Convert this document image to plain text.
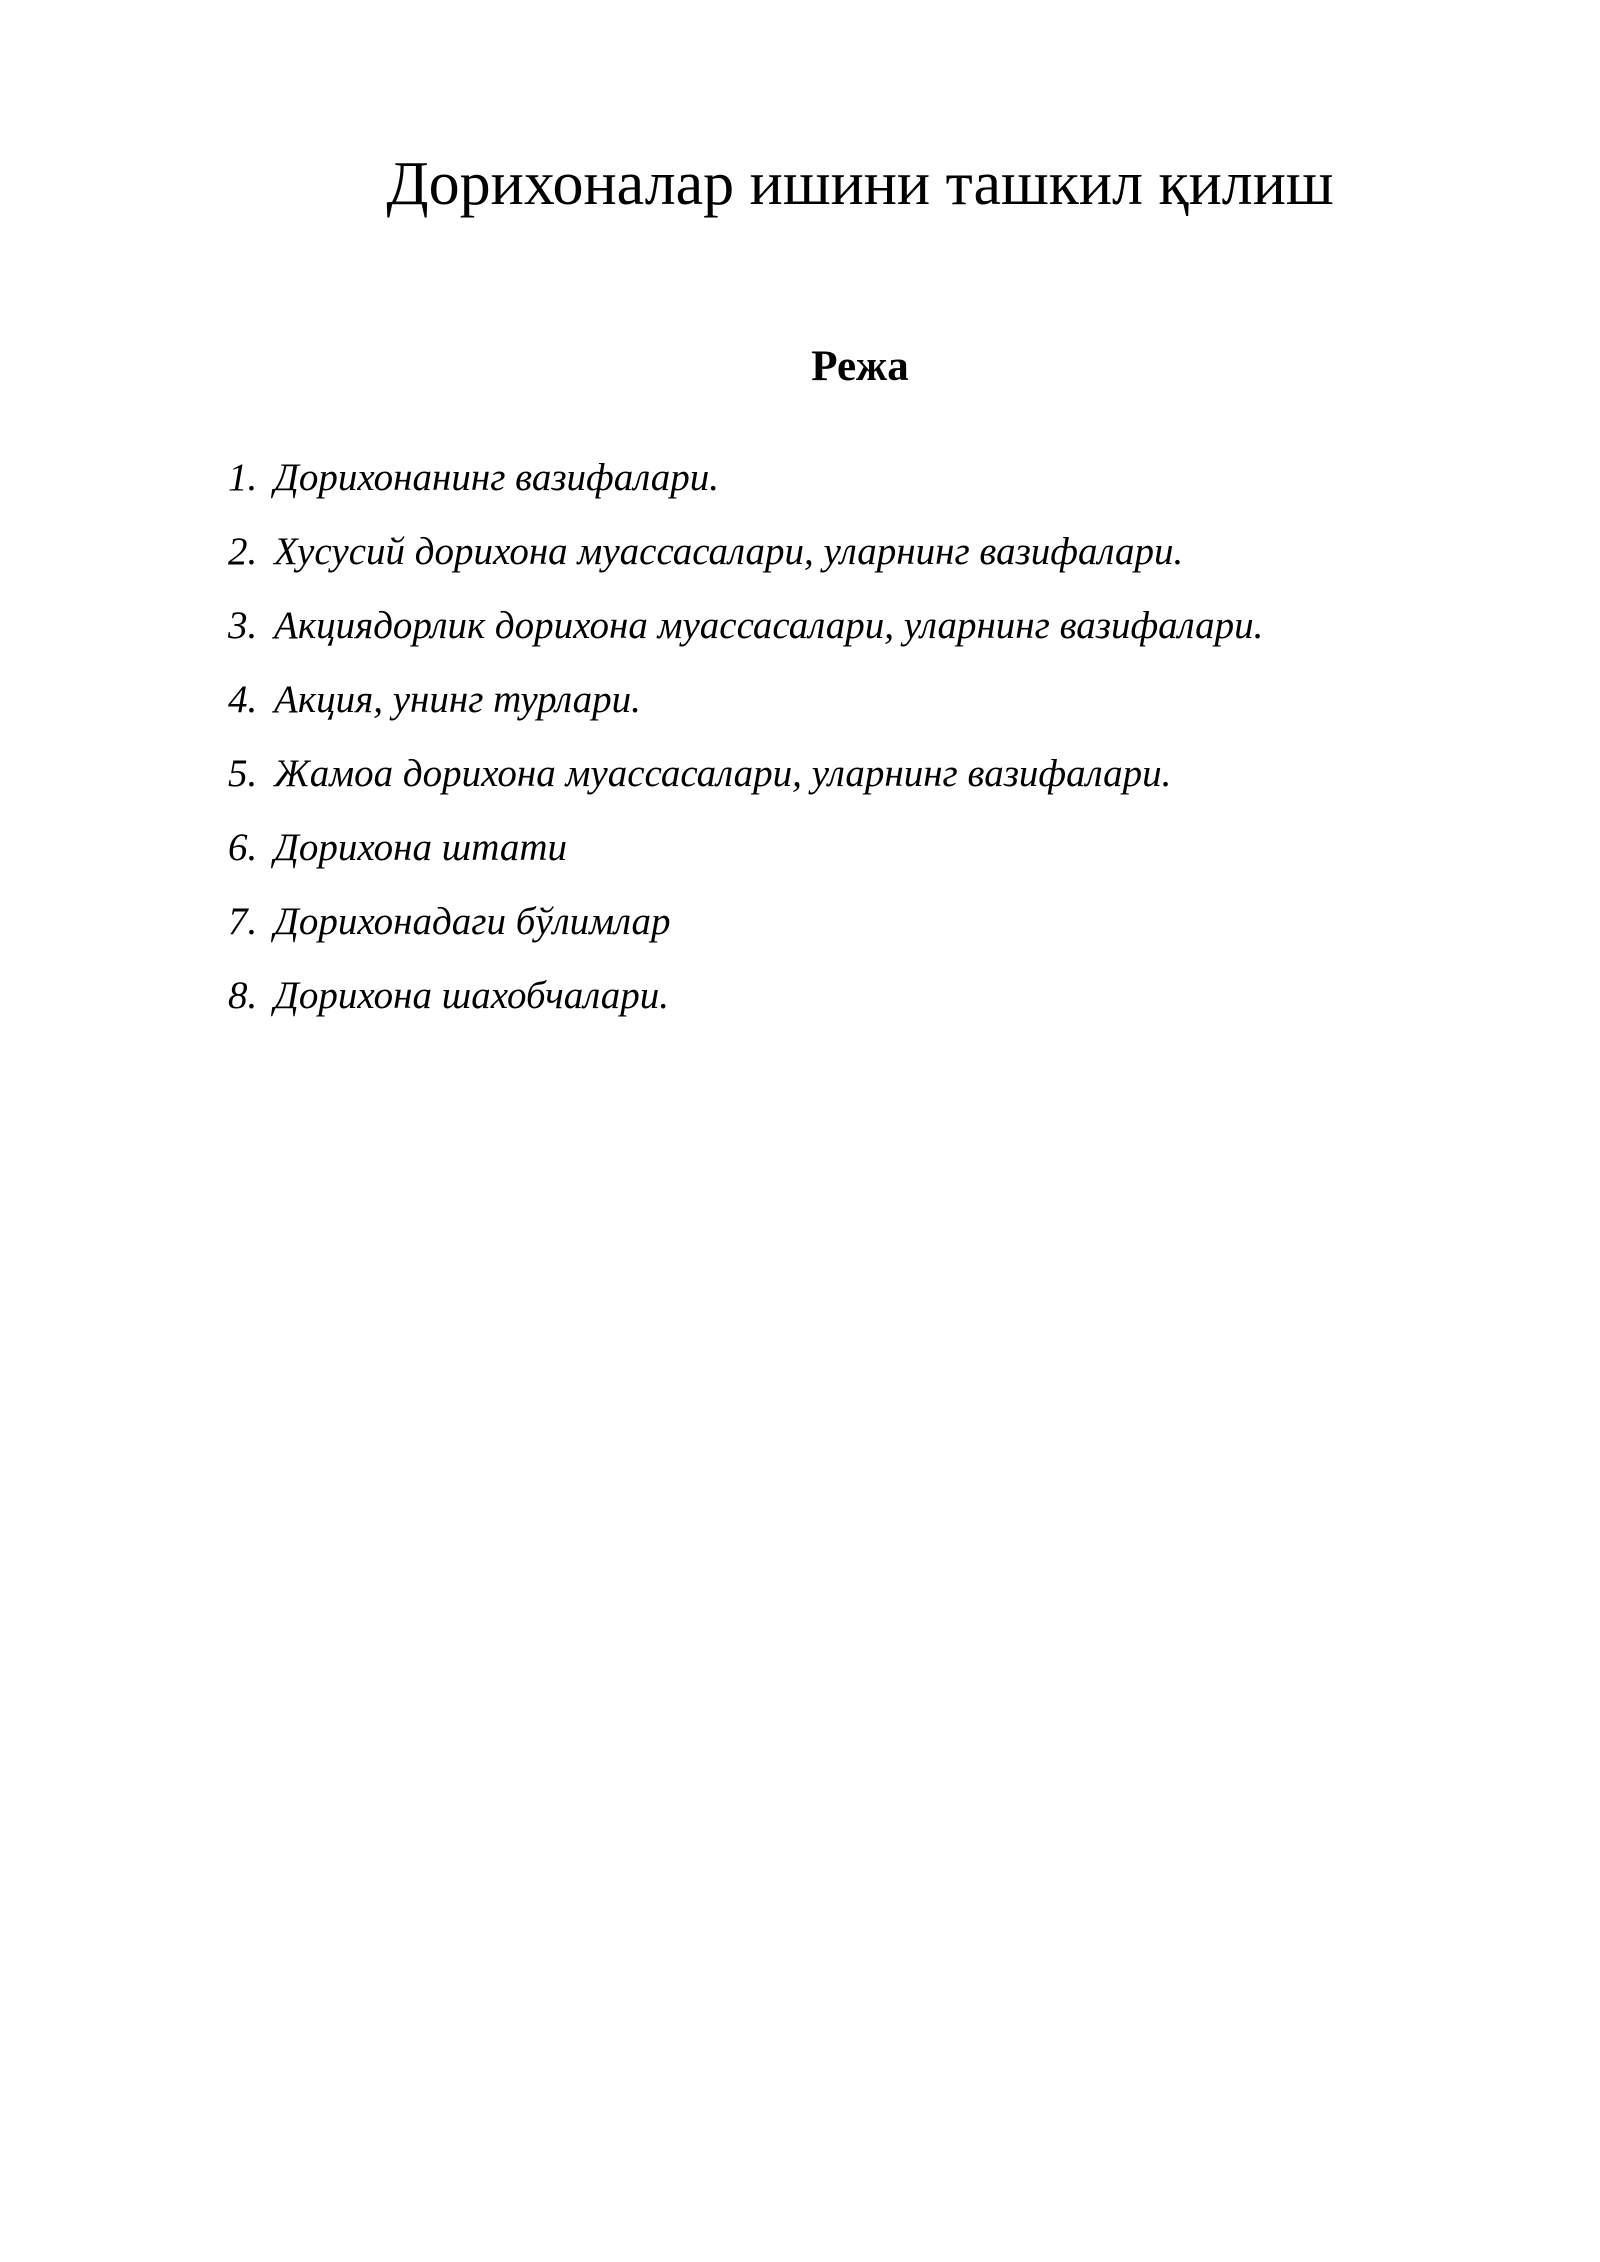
Дорихоналар ишини ташкил қилиш
Режа
1. Дорихонанинг вазифалари.
2. Хусусий дорихона муассасалари, уларнинг вазифалари.
3. Акциядорлик дорихона муассасалари, уларнинг вазифалари.
4. Акция, унинг турлари.
5. Жамоа дорихона муассасалари, уларнинг вазифалари.
6. Дорихона штати
7. Дорихонадаги бўлимлар
8. Дорихона шахобчалари.
